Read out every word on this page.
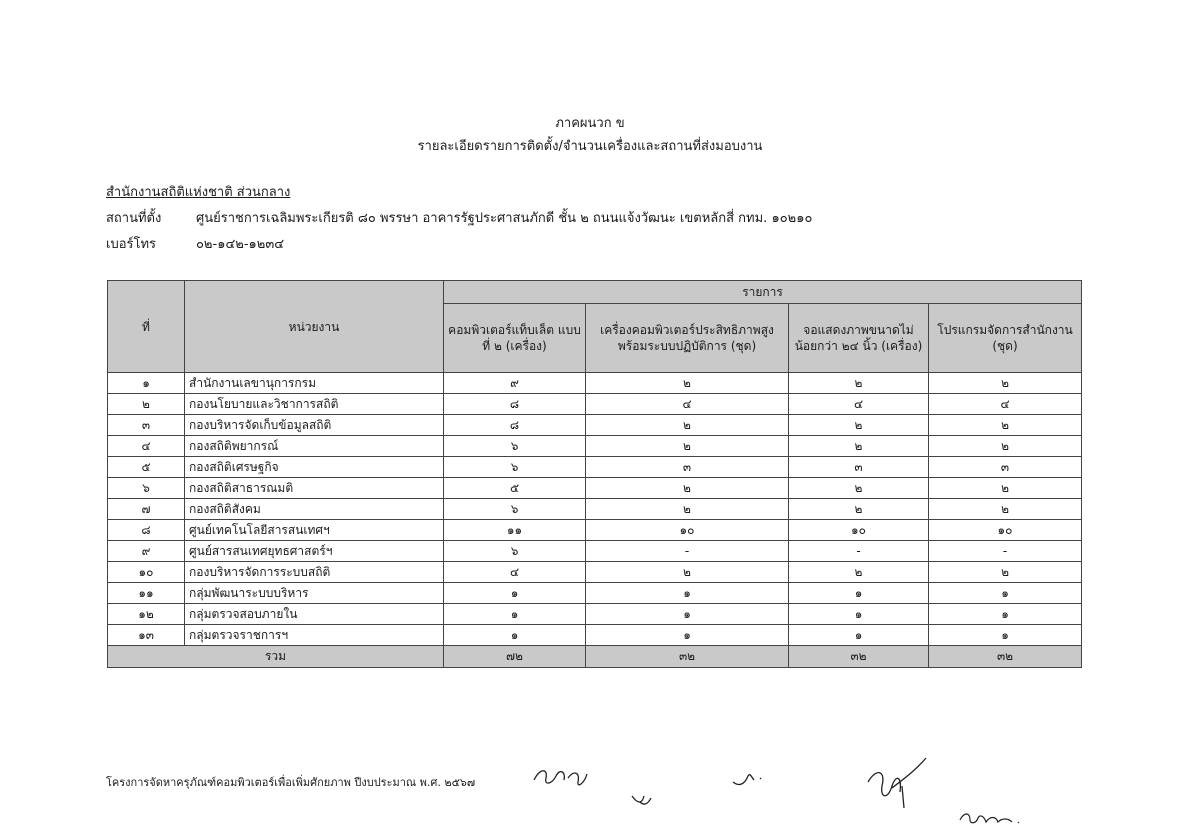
ภาคผนวก ข
รายละเอียดรายการติดตั้ง/จำนวนเครื่องและสถานที่ส่งมอบงาน
สำนักงานสถิติแห่งชาติ ส่วนกลาง
สถานที่ตั้ง	ศูนย์ราชการเฉลิมพระเกียรติ ๘๐ พรรษา อาคารรัฐประศาสนภักดี ชั้น ๒ ถนนแจ้งวัฒนะ เขตหลักสี่ กทม. ๑๐๒๑๐
เบอร์โทร	๐๒-๑๔๒-๑๒๓๔
ที่	หน่วยงาน	รายการ			
		คอมพิวเตอร์แท็บเล็ต แบบที่ ๒ (เครื่อง)	เครื่องคอมพิวเตอร์ประสิทธิภาพสูง พร้อมระบบปฏิบัติการ (ชุด)	จอแสดงภาพขนาดไม่ น้อยกว่า ๒๔ นิ้ว (เครื่อง)	โปรแกรมจัดการสำนักงาน (ชุด)
๑	สำนักงานเลขานุการกรม	๙	๒	๒	๒
๒	กองนโยบายและวิชาการสถิติ	๘	๔	๔	๔
๓	กองบริหารจัดเก็บข้อมูลสถิติ	๘	๒	๒	๒
๔	กองสถิติพยากรณ์	๖	๒	๒	๒
๕	กองสถิติเศรษฐกิจ	๖	๓	๓	๓
๖	กองสถิติสาธารณมติ	๕	๒	๒	๒
๗	กองสถิติสังคม	๖	๒	๒	๒
๘	ศูนย์เทคโนโลยีสารสนเทศฯ	๑๑	๑๐	๑๐	๑๐
๙	ศูนย์สารสนเทศยุทธศาสตร์ฯ	๖	-	-	-
๑๐	กองบริหารจัดการระบบสถิติ	๔	๒	๒	๒
๑๑	กลุ่มพัฒนาระบบบริหาร	๑	๑	๑	๑
๑๒	กลุ่มตรวจสอบภายใน	๑	๑	๑	๑
๑๓	กลุ่มตรวจราชการฯ	๑	๑	๑	๑
รวม		๗๒	๓๒	๓๒	๓๒
โครงการจัดหาครุภัณฑ์คอมพิวเตอร์เพื่อเพิ่มศักยภาพ ปีงบประมาณ พ.ศ. ๒๕๖๗
